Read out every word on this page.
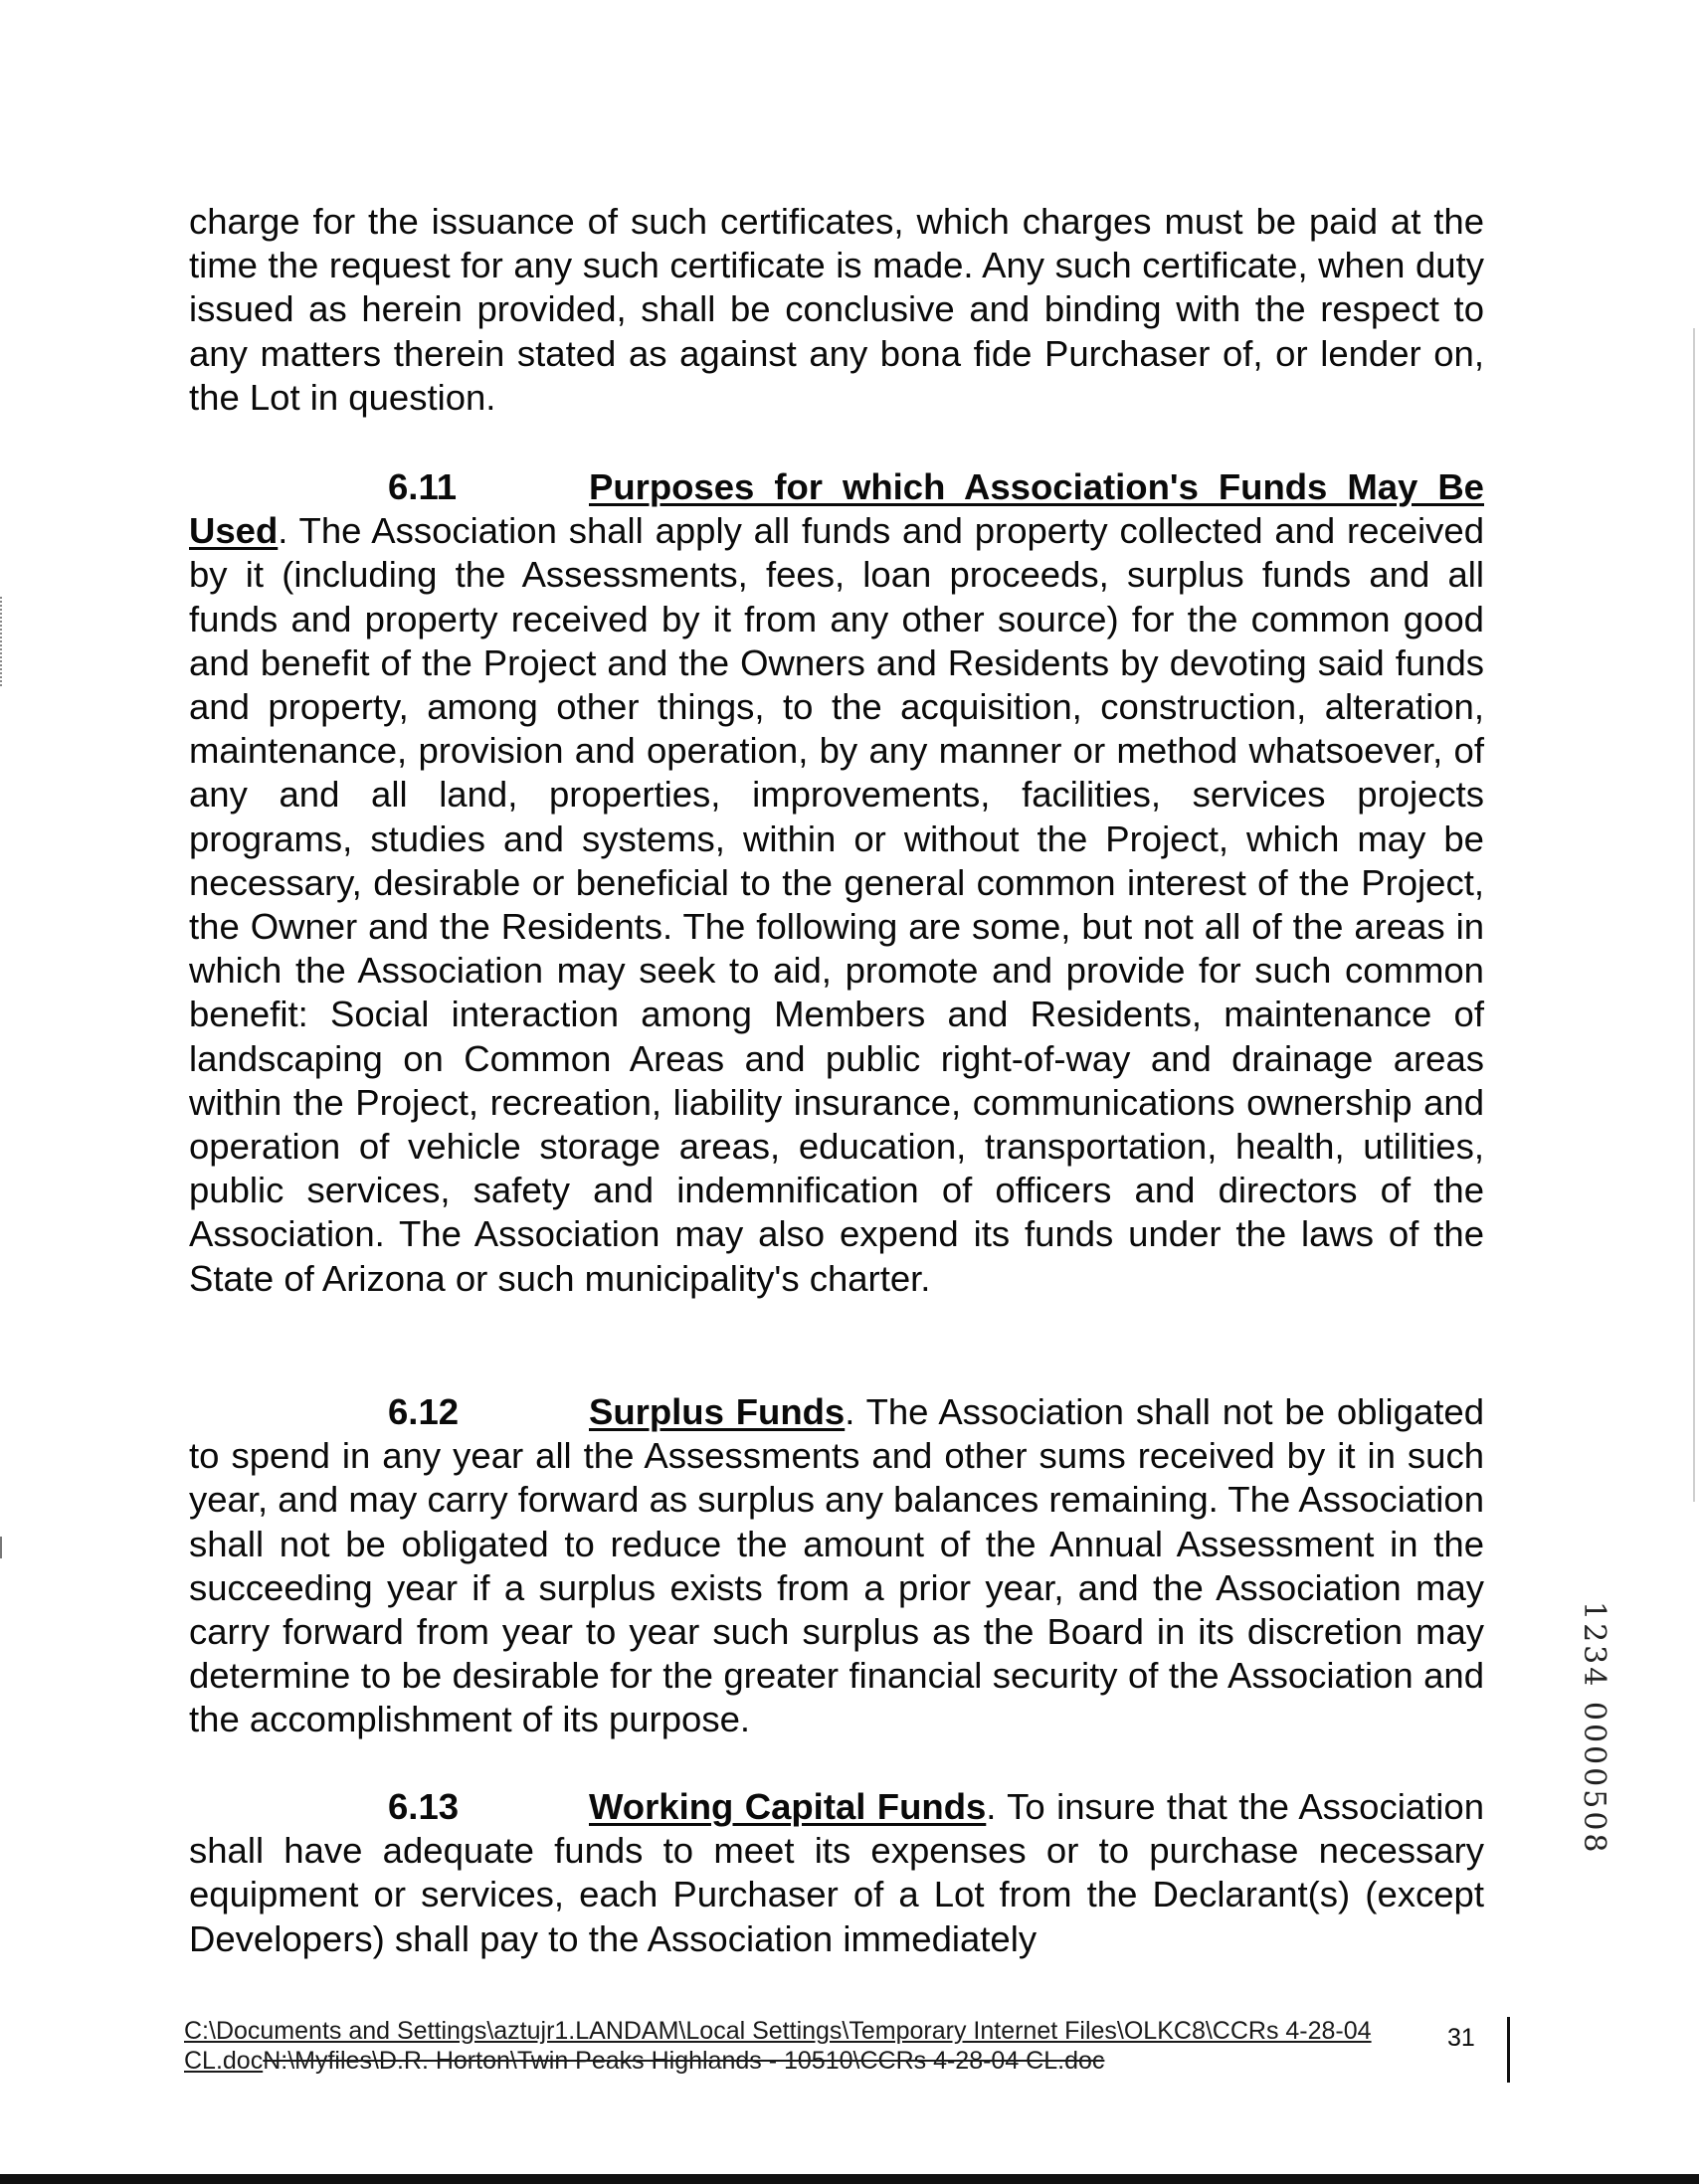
charge for the issuance of such certificates, which charges must be paid at the time the request for any such certificate is made. Any such certificate, when duty issued as herein provided, shall be conclusive and binding with the respect to any matters therein stated as against any bona fide Purchaser of, or lender on, the Lot in question.

6.11	Purposes for which Association's Funds May Be Used. The Association shall apply all funds and property collected and received by it (including the Assessments, fees, loan proceeds, surplus funds and all funds and property received by it from any other source) for the common good and benefit of the Project and the Owners and Residents by devoting said funds and property, among other things, to the acquisition, construction, alteration, maintenance, provision and operation, by any manner or method whatsoever, of any and all land, properties, improvements, facilities, services projects programs, studies and systems, within or without the Project, which may be necessary, desirable or beneficial to the general common interest of the Project, the Owner and the Residents. The following are some, but not all of the areas in which the Association may seek to aid, promote and provide for such common benefit: Social interaction among Members and Residents, maintenance of landscaping on Common Areas and public right-of-way and drainage areas within the Project, recreation, liability insurance, communications ownership and operation of vehicle storage areas, education, transportation, health, utilities, public services, safety and indemnification of officers and directors of the Association. The Association may also expend its funds under the laws of the State of Arizona or such municipality's charter.

6.12	Surplus Funds. The Association shall not be obligated to spend in any year all the Assessments and other sums received by it in such year, and may carry forward as surplus any balances remaining. The Association shall not be obligated to reduce the amount of the Annual Assessment in the succeeding year if a surplus exists from a prior year, and the Association may carry forward from year to year such surplus as the Board in its discretion may determine to be desirable for the greater financial security of the Association and the accomplishment of its purpose.

6.13	Working Capital Funds. To insure that the Association shall have adequate funds to meet its expenses or to purchase necessary equipment or services, each Purchaser of a Lot from the Declarant(s) (except Developers) shall pay to the Association immediately

1234 0000508
C:\Documents and Settings\aztujr1.LANDAM\Local Settings\Temporary Internet Files\OLKC8\CCRs 4-28-04 CL.docN:\Myfiles\D.R. Horton\Twin Peaks Highlands - 10510\CCRs 4-28-04 CL.doc
31
